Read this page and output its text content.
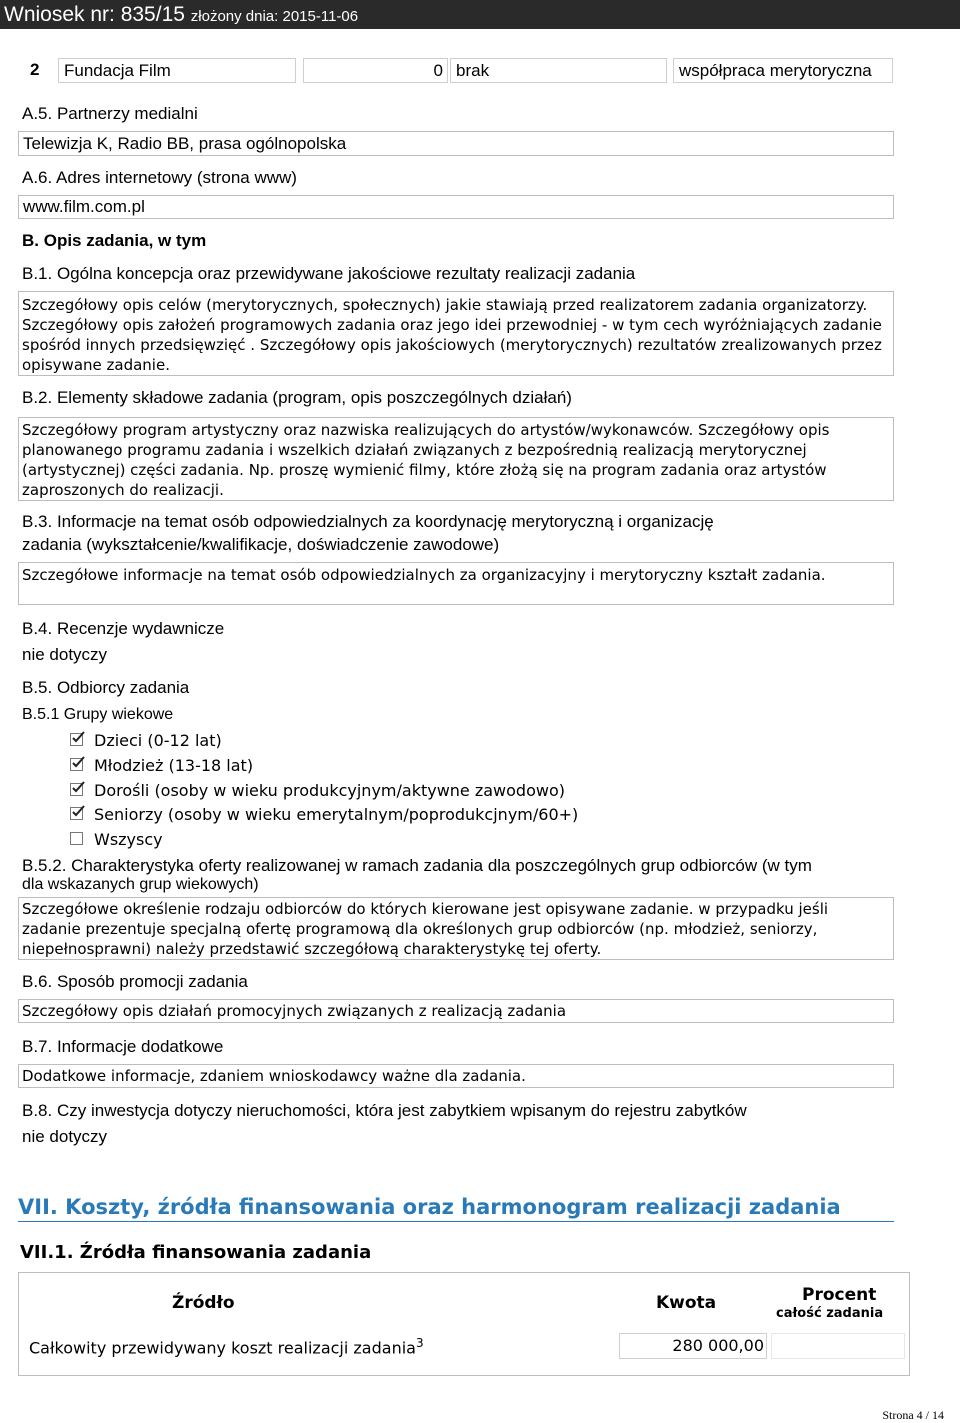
Wniosek nr: 835/15 złożony dnia: 2015-11-06
2	Fundacja Film	0 brak	współpraca merytoryczna
A.5. Partnerzy medialni
Telewizja K, Radio BB, prasa ogólnopolska
A.6. Adres internetowy (strona www)
www.film.com.pl
B. Opis zadania, w tym
B.1. Ogólna koncepcja oraz przewidywane jakościowe rezultaty realizacji zadania
Szczegółowy opis celów (merytorycznych, społecznych) jakie stawiają przed realizatorem zadania organizatorzy. Szczegółowy opis założeń programowych zadania oraz jego idei przewodniej - w tym cech wyróżniających zadanie spośród innych przedsięwzięć . Szczegółowy opis jakościowych (merytorycznych) rezultatów zrealizowanych przez opisywane zadanie.
B.2. Elementy składowe zadania (program, opis poszczególnych działań)
Szczegółowy program artystyczny oraz nazwiska realizujących do artystów/wykonawców. Szczegółowy opis planowanego programu zadania i wszelkich działań związanych z bezpośrednią realizacją merytorycznej (artystycznej) części zadania. Np. proszę wymienić filmy, które złożą się na program zadania oraz artystów zaproszonych do realizacji.
B.3. Informacje na temat osób odpowiedzialnych za koordynację merytoryczną i organizację
zadania (wykształcenie/kwalifikacje, doświadczenie zawodowe)
Szczegółowe informacje na temat osób odpowiedzialnych za organizacyjny i merytoryczny kształt zadania.
B.4. Recenzje wydawnicze
nie dotyczy
B.5. Odbiorcy zadania
B.5.1 Grupy wiekowe
Dzieci (0-12 lat)
Młodzież (13-18 lat)
Dorośli (osoby w wieku produkcyjnym/aktywne zawodowo)
Seniorzy (osoby w wieku emerytalnym/poprodukcjnym/60+)
Wszyscy
B.5.2. Charakterystyka oferty realizowanej w ramach zadania dla poszczególnych grup odbiorców (w tym
dla wskazanych grup wiekowych)
Szczegółowe określenie rodzaju odbiorców do których kierowane jest opisywane zadanie. w przypadku jeśli zadanie prezentuje specjalną ofertę programową dla określonych grup odbiorców (np. młodzież, seniorzy, niepełnosprawni) należy przedstawić szczegółową charakterystykę tej oferty.
B.6. Sposób promocji zadania
Szczegółowy opis działań promocyjnych związanych z realizacją zadania
B.7. Informacje dodatkowe
Dodatkowe informacje, zdaniem wnioskodawcy ważne dla zadania.
B.8. Czy inwestycja dotyczy nieruchomości, która jest zabytkiem wpisanym do rejestru zabytków
nie dotyczy
VII. Koszty, źródła finansowania oraz harmonogram realizacji zadania
VII.1. Źródła finansowania zadania
Źródło	Kwota	Procent
całość zadania
Całkowity przewidywany koszt realizacji zadania$^3$	280 000,00
Strona 4 / 14
